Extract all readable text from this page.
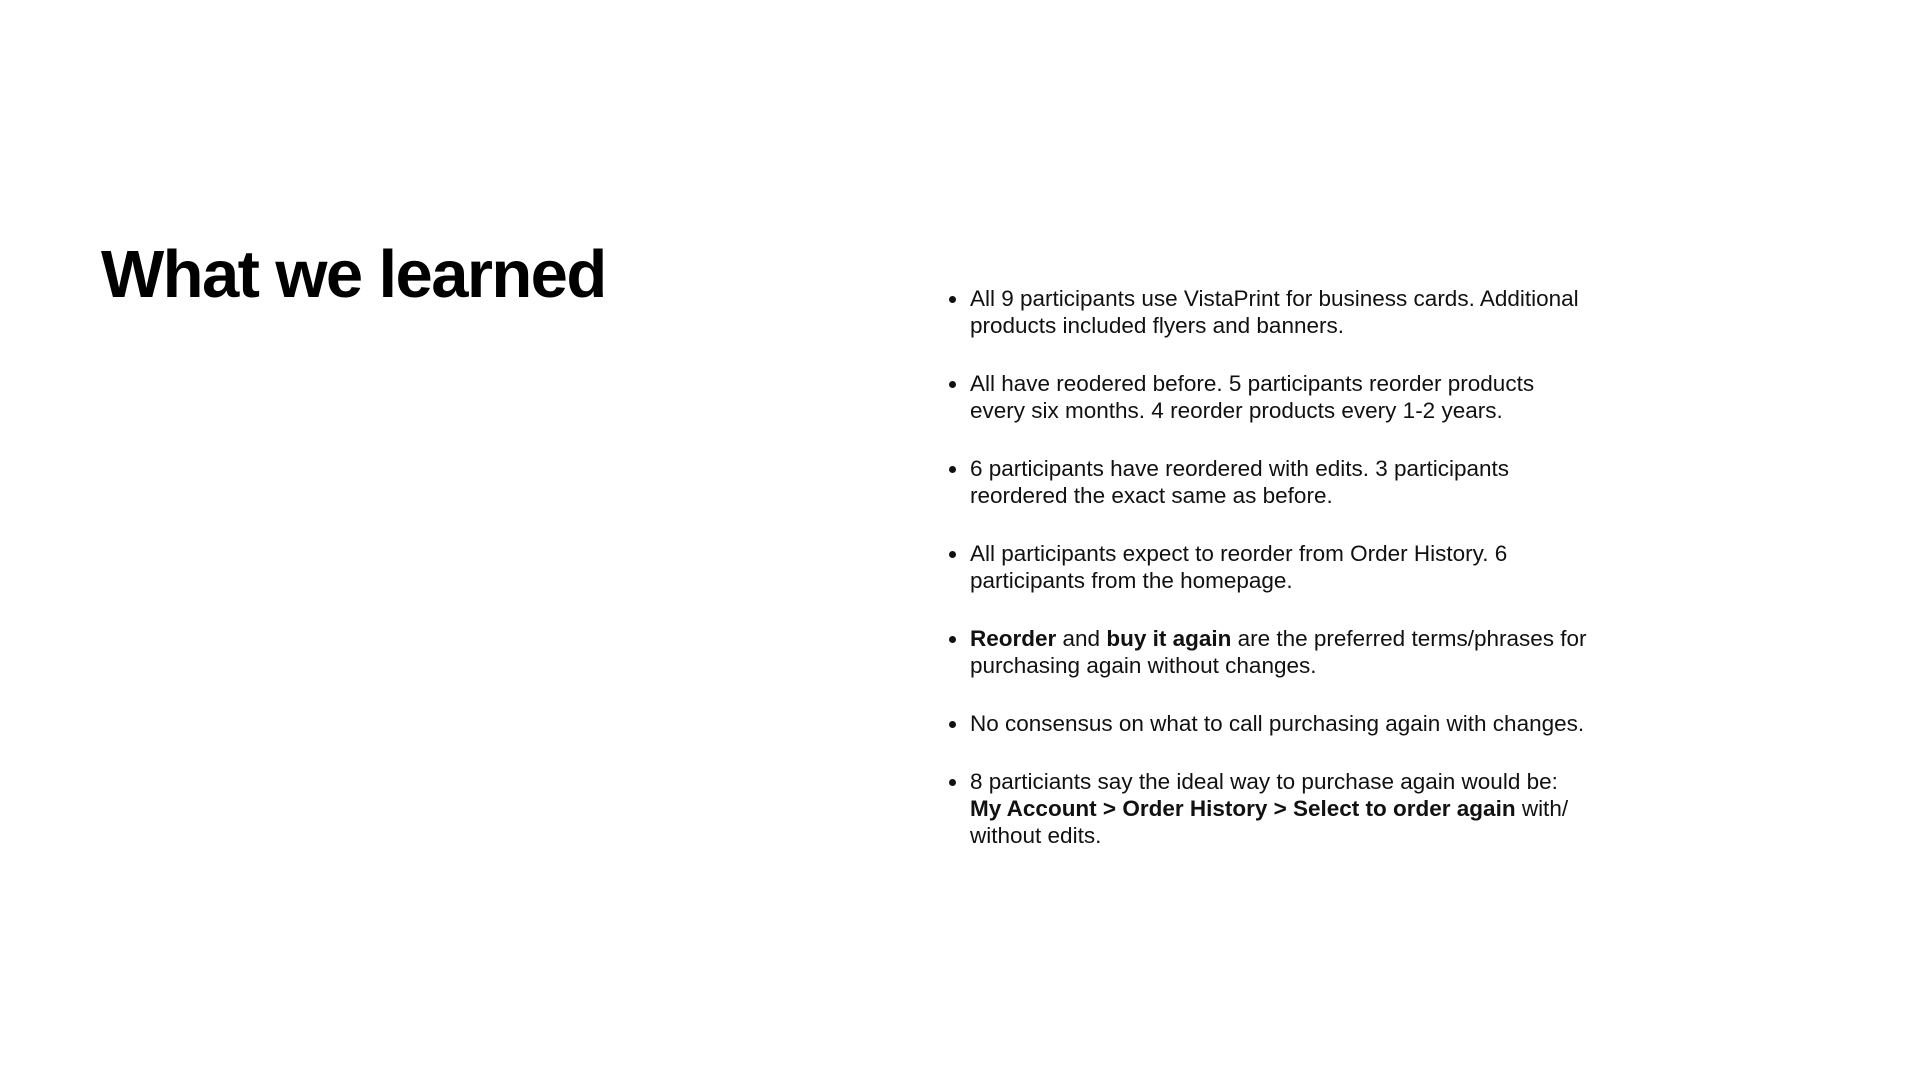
What we learned	All 9 participants use VistaPrint for business cards. Additional products included flyers and banners.
All have reodered before. 5 participants reorder products every six months. 4 reorder products every 1-2 years.
6 participants have reordered with edits. 3 participants reordered the exact same as before.
All participants expect to reorder from Order History. 6 participants from the homepage.
Reorder and buy it again are the preferred terms/phrases for purchasing again without changes.
No consensus on what to call purchasing again with changes.
8 particiants say the ideal way to purchase again would be: My Account > Order History > Select to order again with/ without edits.
